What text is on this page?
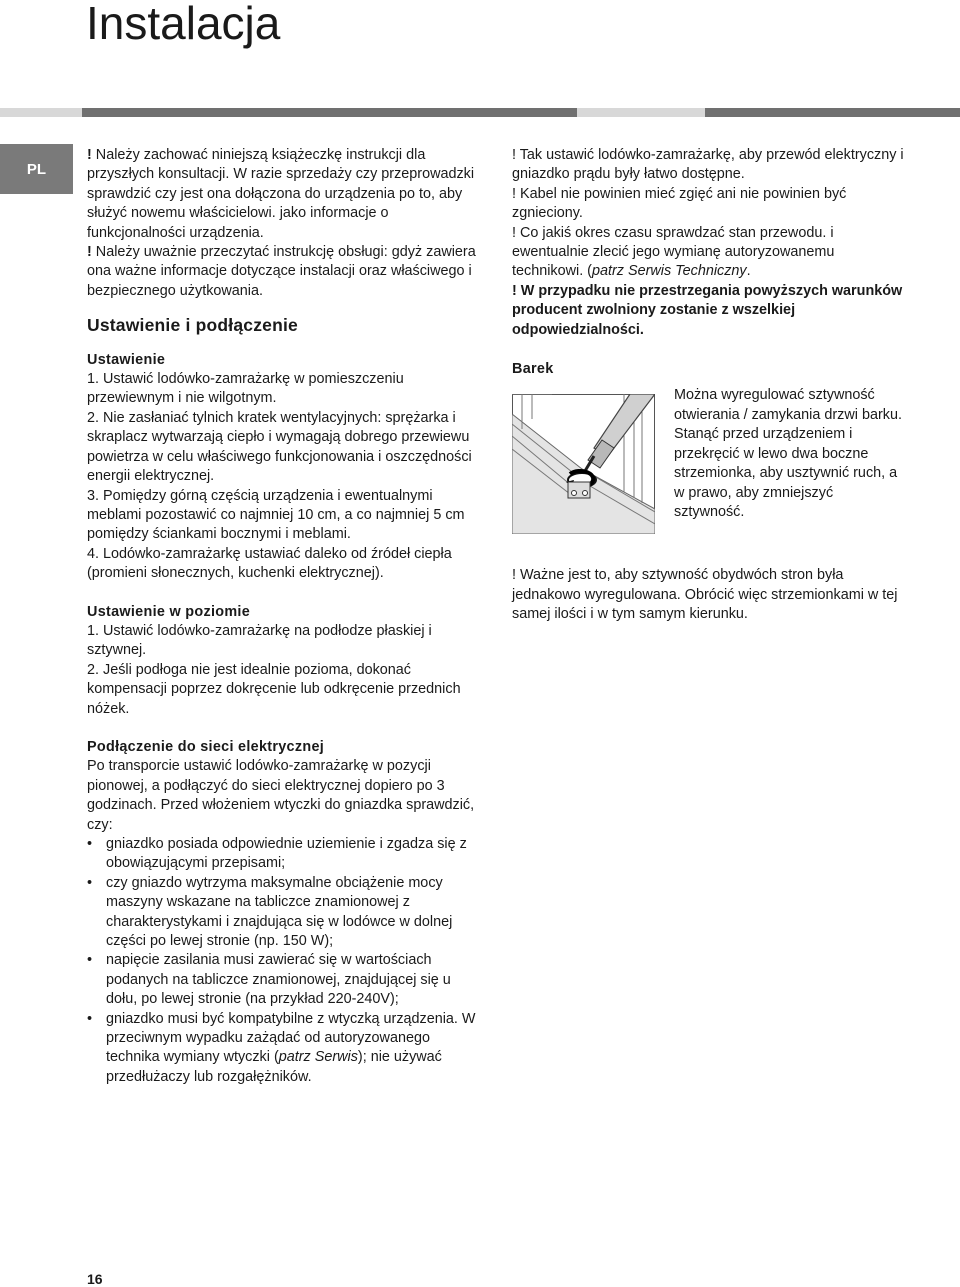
Instalacja
PL

! Należy zachować niniejszą książeczkę instrukcji dla przyszłych konsultacji. W razie sprzedaży czy przeprowadzki sprawdzić czy jest ona dołączona do urządzenia po to, aby służyć nowemu właścicielowi. jako informacje o funkcjonalności urządzenia.

! Należy uważnie przeczytać instrukcję obsługi: gdyż zawiera ona ważne informacje dotyczące instalacji oraz właściwego i bezpiecznego użytkowania.

Ustawienie i podłączenie
Ustawienie

1. Ustawić lodówko-zamrażarkę w pomieszczeniu przewiewnym i nie wilgotnym.

2. Nie zasłaniać tylnich kratek wentylacyjnych: sprężarka i skraplacz wytwarzają ciepło i wymagają dobrego przewiewu powietrza w celu właściwego funkcjonowania i oszczędności energii elektrycznej.

3. Pomiędzy górną częścią urządzenia i ewentualnymi meblami pozostawić co najmniej 10 cm, a co najmniej 5 cm pomiędzy ściankami bocznymi i meblami.

4. Lodówko-zamrażarkę ustawiać daleko od źródeł ciepła (promieni słonecznych, kuchenki elektrycznej).

Ustawienie w poziomie

1. Ustawić lodówko-zamrażarkę na podłodze płaskiej i sztywnej.

2. Jeśli podłoga nie jest idealnie pozioma, dokonać kompensacji poprzez dokręcenie lub odkręcenie przednich nóżek.

Podłączenie do sieci elektrycznej

Po transporcie ustawić lodówko-zamrażarkę w pozycji pionowej, a podłączyć do sieci elektrycznej dopiero po 3 godzinach. Przed włożeniem wtyczki do gniazdka sprawdzić, czy:

• gniazdko posiada odpowiednie uziemienie i zgadza się z obowiązującymi przepisami;
• czy gniazdo wytrzyma maksymalne obciążenie mocy maszyny wskazane na tabliczce znamionowej z charakterystykami i znajdująca się w lodówce w dolnej części po lewej stronie (np. 150 W);
• napięcie zasilania musi zawierać się w wartościach podanych na tabliczce znamionowej, znajdującej się u dołu, po lewej stronie (na przykład 220-240V);
• gniazdko musi być kompatybilne z wtyczką urządzenia. W przeciwnym wypadku zażądać od autoryzowanego technika wymiany wtyczki (patrz Serwis); nie używać przedłużaczy lub rozgałężników.

! Tak ustawić lodówko-zamrażarkę, aby przewód elektryczny i gniazdko prądu były łatwo dostępne.

! Kabel nie powinien mieć zgięć ani nie powinien być zgnieciony.

! Co jakiś okres czasu sprawdzać stan przewodu. i ewentualnie zlecić jego wymianę autoryzowanemu technikowi. (patrz Serwis Techniczny.

! W przypadku nie przestrzegania powyższych warunków producent zwolniony zostanie z wszelkiej odpowiedzialności.

Barek

Można wyregulować sztywność otwierania / zamykania drzwi barku. Stanąć przed urządzeniem i przekręcić w lewo dwa boczne strzemionka, aby usztywnić ruch, a w prawo, aby zmniejszyć sztywność.

! Ważne jest to, aby sztywność obydwóch stron była jednakowo wyregulowana. Obrócić więc strzemionkami w tej samej ilości i w tym samym kierunku.

16
